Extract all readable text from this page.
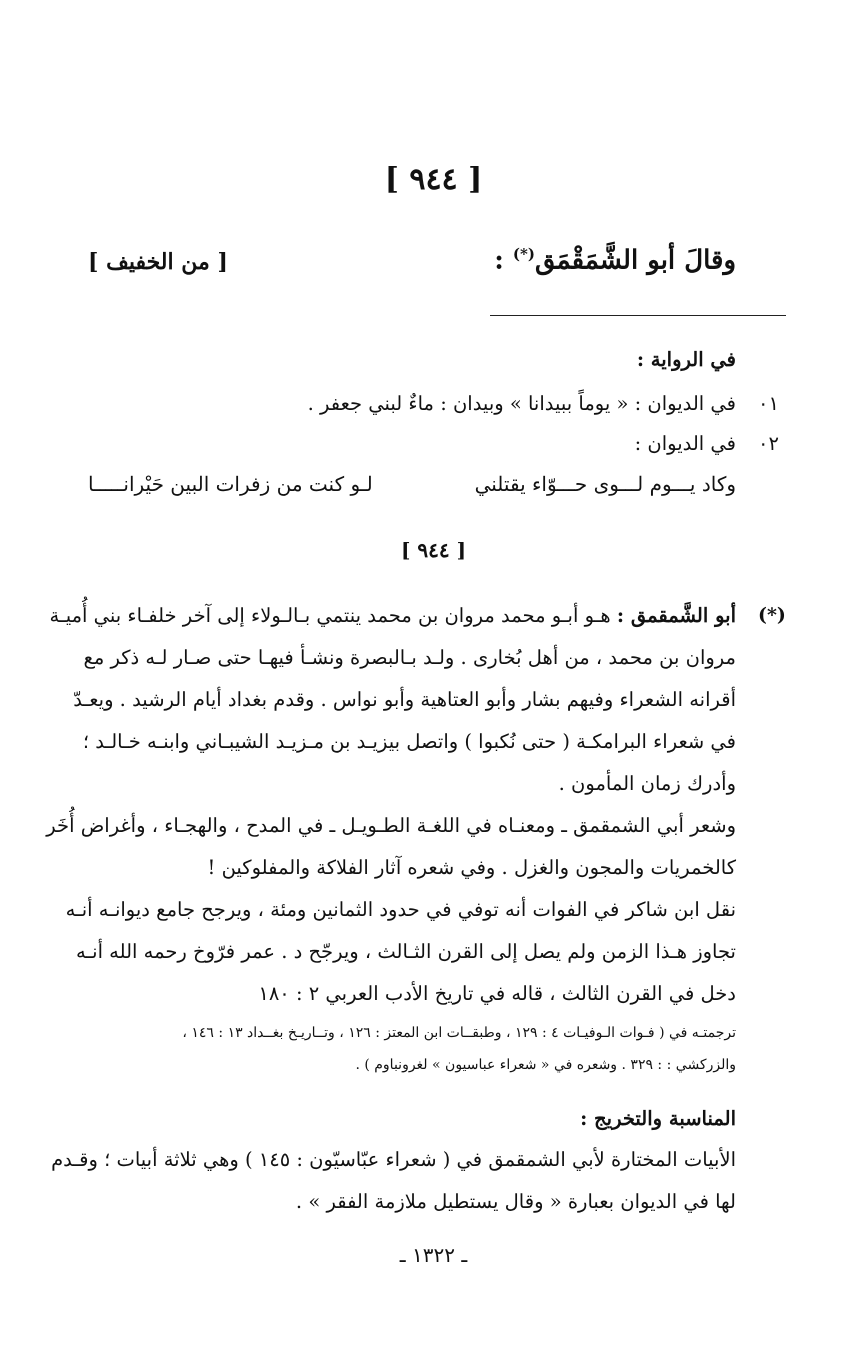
[ ٩٤٤ ]
وقالَ أبو الشَّمَقْمَق(*) :
[ من الخفيف ]
في الرواية :
٠١
في الديوان : « يوماً ببيدانا » وبيدان : ماءٌ لبني جعفر .
٠٢
في الديوان :
وكاد يـــوم لـــوى حـــوّاء يقتلني
لـو كنت من زفرات البين حَيْرانـــــا
[ ٩٤٤ ]
(*)
أبو الشَّمقمق : هـو أبـو محمد مروان بن محمد ينتمي بـالـولاء إلى آخر خلفـاء بني أُميـة
مروان بن محمد ، من أهل بُخارى . ولـد بـالبصرة ونشـأ فيهـا حتى صـار لـه ذكر مع
أقرانه الشعراء وفيهم بشار وأبو العتاهية وأبو نواس . وقدم بغداد أيام الرشيد . ويعـدّ
في شعراء البرامكـة ( حتى نُكبوا ) واتصل بيزيـد بن مـزيـد الشيبـاني وابنـه خـالـد ؛
وأدرك زمان المأمون .
وشعر أبي الشمقمق ـ ومعنـاه في اللغـة الطـويـل ـ في المدح ، والهجـاء ، وأغراض أُخَر
كالخمريات والمجون والغزل . وفي شعره آثار الفلاكة والمفلوكين !
نقل ابن شاكر في الفوات أنه توفي في حدود الثمانين ومئة ، ويرجح جامع ديوانـه أنـه
تجاوز هـذا الزمن ولم يصل إلى القرن الثـالث ، ويرجّح د . عمر فرّوخ رحمه الله أنـه
دخل في القرن الثالث ، قاله في تاريخ الأدب العربي ٢ : ١٨٠
ترجمتـه في ( فـوات الـوفيـات ٤ : ١٢٩ ، وطبقــات ابن المعتز : ١٢٦ ، وتــاريـخ بغــداد ١٣ : ١٤٦ ،
والزركشي : : ٣٢٩ . وشعره في « شعراء عباسيون » لغرونباوم ) .
المناسبة والتخريج :
الأبيات المختارة لأبي الشمقمق في ( شعراء عبّاسيّون : ١٤٥ ) وهي ثلاثة أبيات ؛ وقـدم
لها في الديوان بعبارة « وقال يستطيل ملازمة الفقر » .
ـ ١٣٢٢ ـ
